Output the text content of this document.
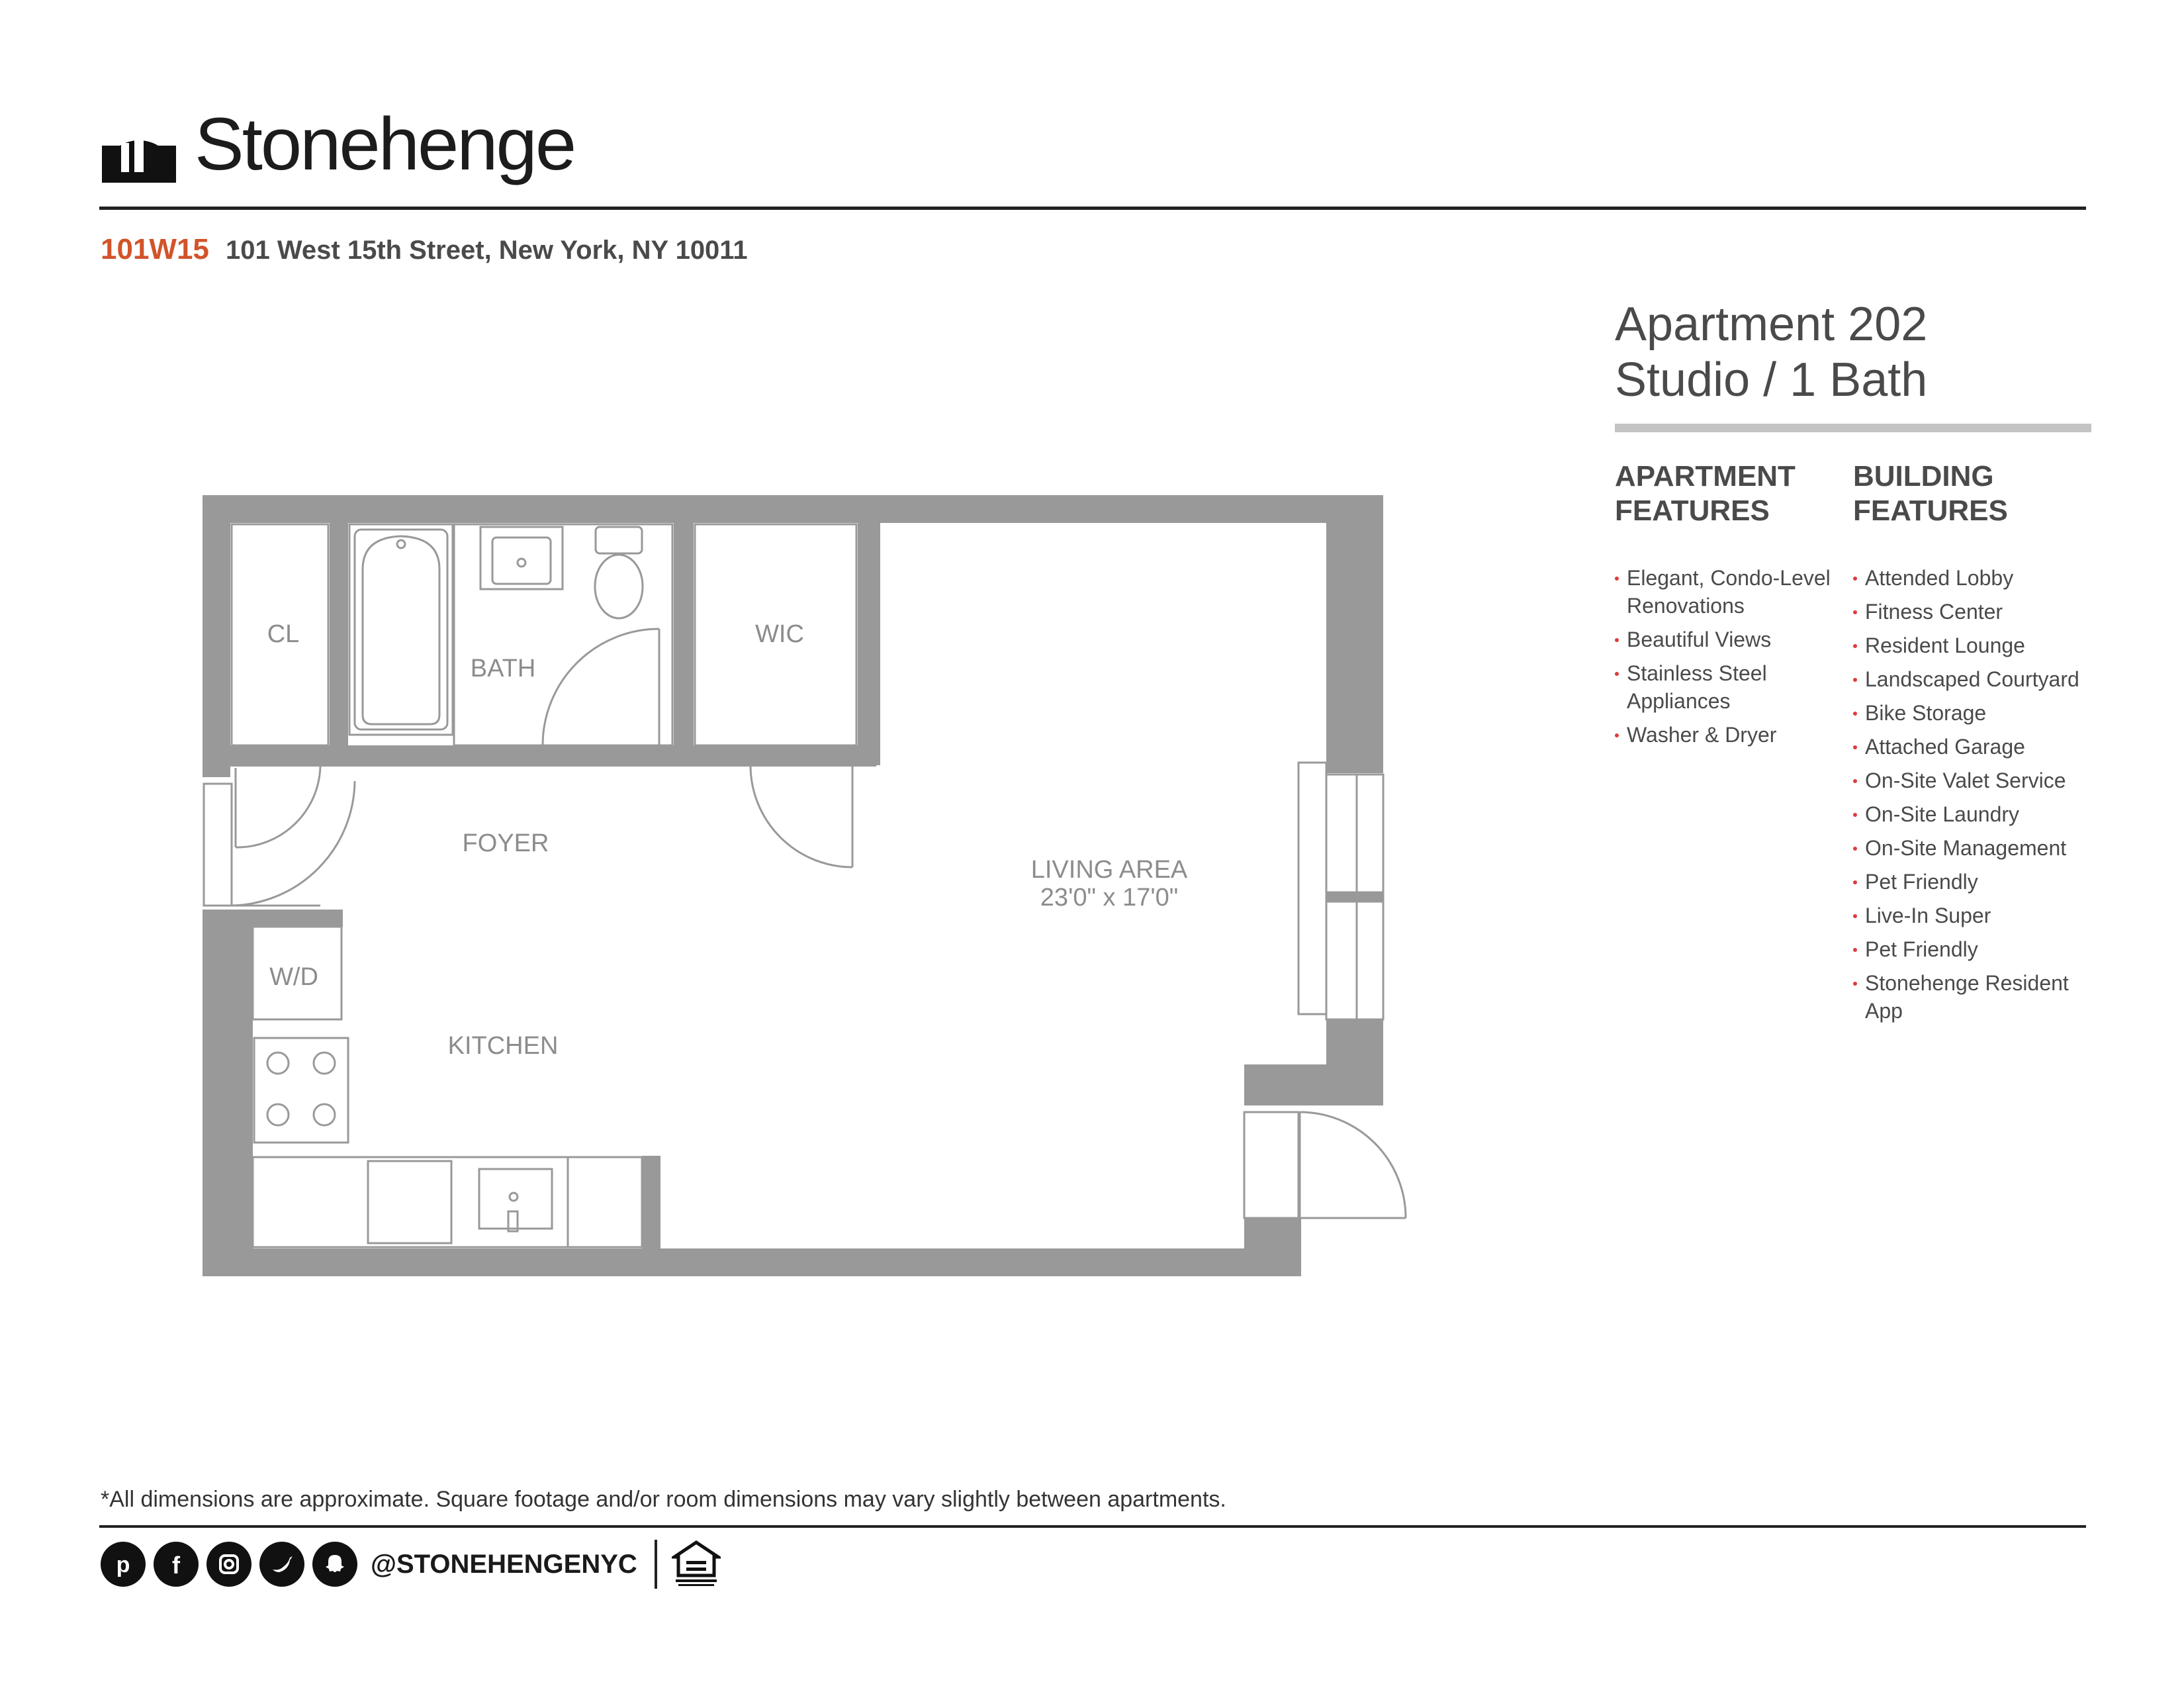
Stonehenge
101W15 101 West 15th Street, New York, NY 10011
Apartment 202
Studio / 1 Bath
APARTMENT
FEATURES
BUILDING
FEATURES
Elegant, Condo-Level Renovations
Beautiful Views
Stainless Steel Appliances
Washer & Dryer
Attended Lobby
Fitness Center
Resident Lounge
Landscaped Courtyard
Bike Storage
Attached Garage
On-Site Valet Service
On-Site Laundry
On-Site Management
Pet Friendly
Live-In Super
Pet Friendly
Stonehenge Resident App
CL
BATH
WIC
FOYER
LIVING AREA
23'0" x 17'0"
W/D
KITCHEN
*All dimensions are approximate. Square footage and/or room dimensions may vary slightly between apartments.
p f	@STONEHENGENYC
